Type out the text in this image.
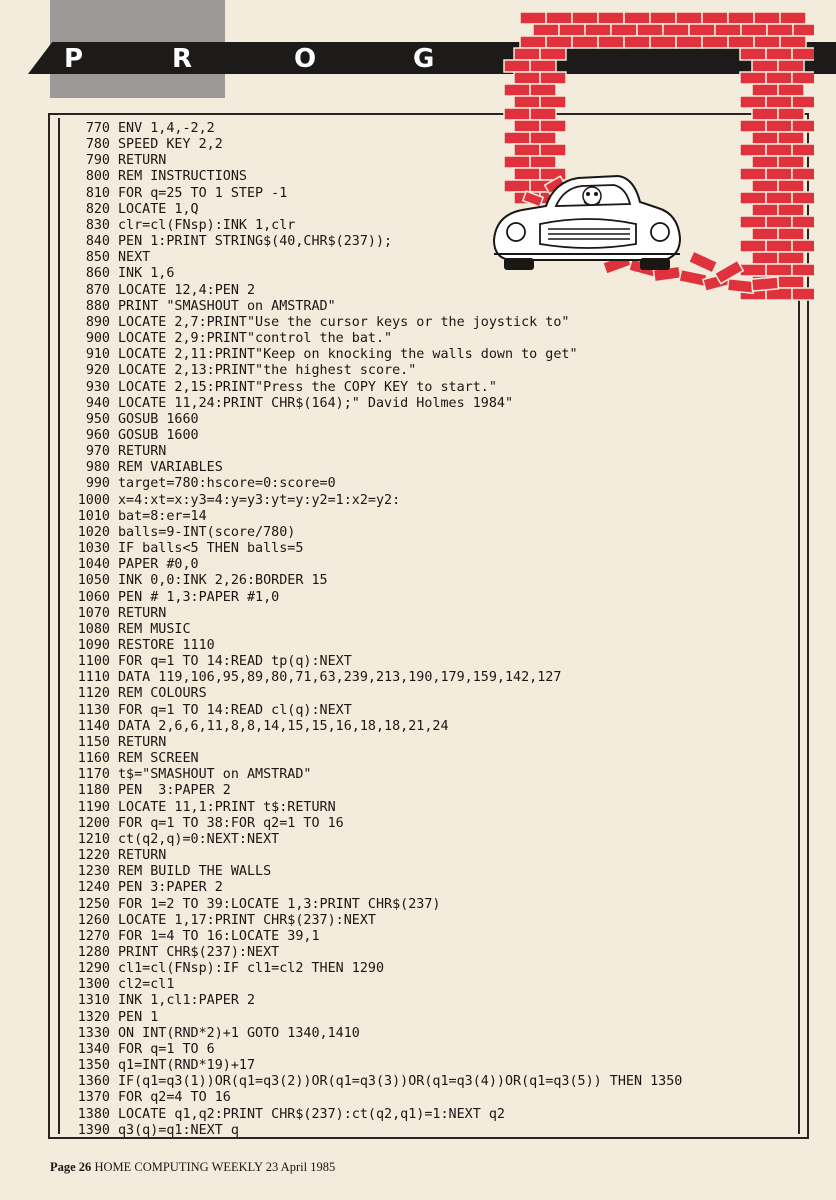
P	R	O	G
770 ENV 1,4,-2,2
780 SPEED KEY 2,2
790 RETURN
800 REM INSTRUCTIONS
810 FOR q=25 TO 1 STEP -1
820 LOCATE 1,Q
830 clr=cl(FNsp):INK 1,clr
840 PEN 1:PRINT STRING$(40,CHR$(237));
850 NEXT
860 INK 1,6
870 LOCATE 12,4:PEN 2
880 PRINT "SMASHOUT on AMSTRAD"
890 LOCATE 2,7:PRINT"Use the cursor keys or the joystick to"
900 LOCATE 2,9:PRINT"control the bat."
910 LOCATE 2,11:PRINT"Keep on knocking the walls down to get"
920 LOCATE 2,13:PRINT"the highest score."
930 LOCATE 2,15:PRINT"Press the COPY KEY to start."
940 LOCATE 11,24:PRINT CHR$(164);" David Holmes 1984"
950 GOSUB 1660
960 GOSUB 1600
970 RETURN
980 REM VARIABLES
990 target=780:hscore=0:score=0
1000 x=4:xt=x:y3=4:y=y3:yt=y:y2=1:x2=y2:
1010 bat=8:er=14
1020 balls=9-INT(score/780)
1030 IF balls<5 THEN balls=5
1040 PAPER #0,0
1050 INK 0,0:INK 2,26:BORDER 15
1060 PEN # 1,3:PAPER #1,0
1070 RETURN
1080 REM MUSIC
1090 RESTORE 1110
1100 FOR q=1 TO 14:READ tp(q):NEXT
1110 DATA 119,106,95,89,80,71,63,239,213,190,179,159,142,127
1120 REM COLOURS
1130 FOR q=1 TO 14:READ cl(q):NEXT
1140 DATA 2,6,6,11,8,8,14,15,15,16,18,18,21,24
1150 RETURN
1160 REM SCREEN
1170 t$="SMASHOUT on AMSTRAD"
1180 PEN  3:PAPER 2
1190 LOCATE 11,1:PRINT t$:RETURN
1200 FOR q=1 TO 38:FOR q2=1 TO 16
1210 ct(q2,q)=0:NEXT:NEXT
1220 RETURN
1230 REM BUILD THE WALLS
1240 PEN 3:PAPER 2
1250 FOR 1=2 TO 39:LOCATE 1,3:PRINT CHR$(237)
1260 LOCATE 1,17:PRINT CHR$(237):NEXT
1270 FOR 1=4 TO 16:LOCATE 39,1
1280 PRINT CHR$(237):NEXT
1290 cl1=cl(FNsp):IF cl1=cl2 THEN 1290
1300 cl2=cl1
1310 INK 1,cl1:PAPER 2
1320 PEN 1
1330 ON INT(RND*2)+1 GOTO 1340,1410
1340 FOR q=1 TO 6
1350 q1=INT(RND*19)+17
1360 IF(q1=q3(1))OR(q1=q3(2))OR(q1=q3(3))OR(q1=q3(4))OR(q1=q3(5)) THEN 1350
1370 FOR q2=4 TO 16
1380 LOCATE q1,q2:PRINT CHR$(237):ct(q2,q1)=1:NEXT q2
1390 q3(q)=q1:NEXT q
Page 26 HOME COMPUTING WEEKLY 23 April 1985
